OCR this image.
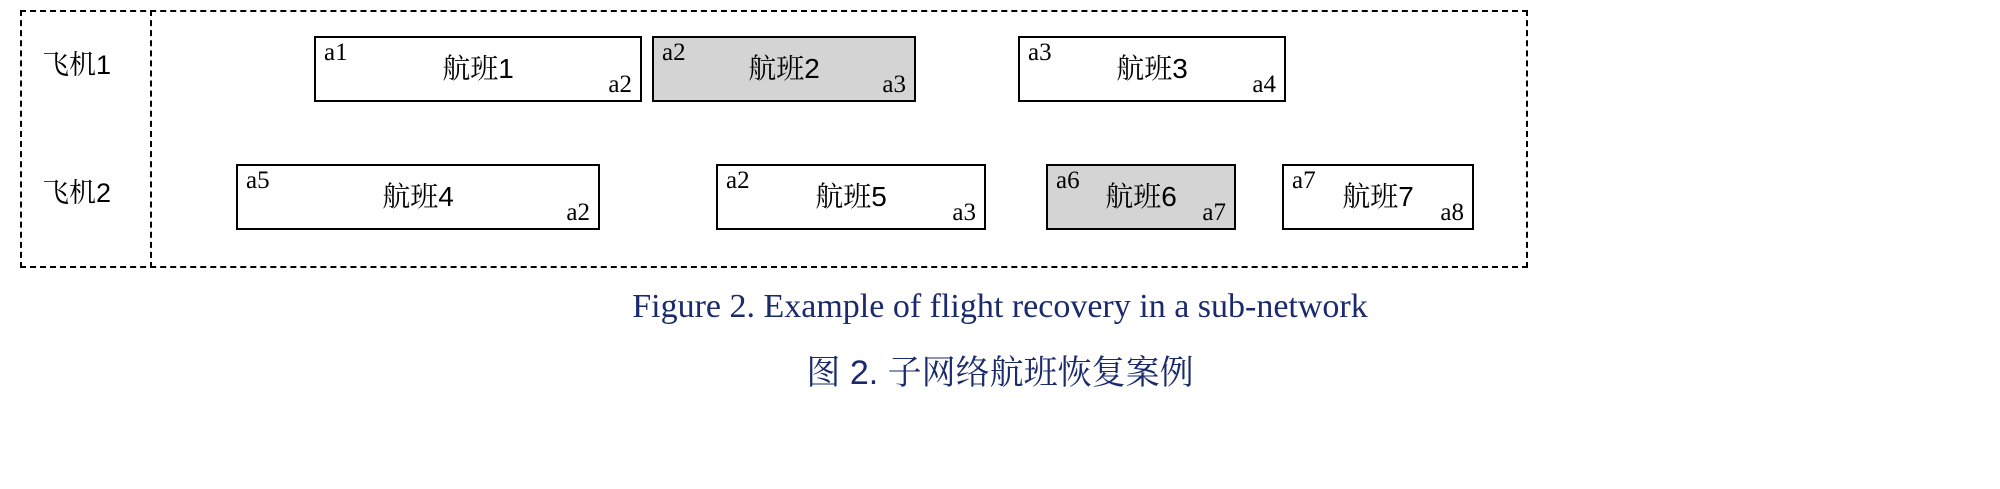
飞机1
飞机2
a1
航班1
a2
a2
航班2
a3
a3
航班3
a4
a5
航班4
a2
a2
航班5
a3
a6
航班6
a7
a7
航班7
a8
Figure 2. Example of flight recovery in a sub-network
图 2. 子网络航班恢复案例
